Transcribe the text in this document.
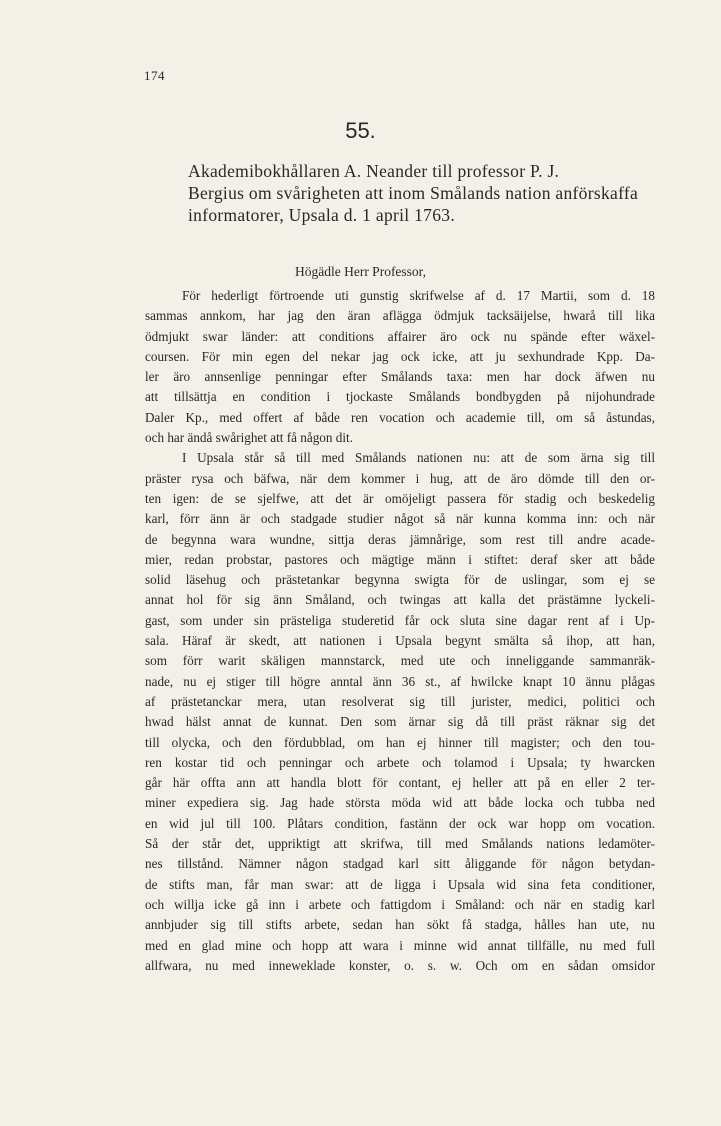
174
55.
Akademibokhållaren A. Neander till professor P. J.
Bergius om svårigheten att inom Smålands nation anförskaffa
informatorer, Upsala d. 1 april 1763.
Högädle Herr Professor,
För hederligt förtroende uti gunstig skrifwelse af d. 17 Martii, som d. 18
sammas annkom, har jag den äran aflägga ödmjuk tacksäijelse, hwarå till lika
ödmjukt swar länder: att conditions affairer äro ock nu spände efter wäxel-
coursen. För min egen del nekar jag ock icke, att ju sexhundrade Kpp. Da-
ler äro annsenlige penningar efter Smålands taxa: men har dock äfwen nu
att tillsättja en condition i tjockaste Smålands bondbygden på nijohundrade
Daler Kp., med offert af både ren vocation och academie till, om så åstundas,
och har ändå swårighet att få någon dit.
I Upsala står så till med Smålands nationen nu: att de som ärna sig till
präster rysa och bäfwa, när dem kommer i hug, att de äro dömde till den or-
ten igen: de se sjelfwe, att det är omöjeligt passera för stadig och beskedelig
karl, förr änn är och stadgade studier något så när kunna komma inn: och när
de begynna wara wundne, sittja deras jämnårige, som rest till andre acade-
mier, redan probstar, pastores och mägtige männ i stiftet: deraf sker att både
solid läsehug och prästetankar begynna swigta för de uslingar, som ej se
annat hol för sig änn Småland, och twingas att kalla det prästämne lyckeli-
gast, som under sin prästeliga studeretid får ock sluta sine dagar rent af i Up-
sala. Häraf är skedt, att nationen i Upsala begynt smälta så ihop, att han,
som förr warit skäligen mannstarck, med ute och inneliggande sammanräk-
nade, nu ej stiger till högre anntal änn 36 st., af hwilcke knapt 10 ännu plågas
af prästetanckar mera, utan resolverat sig till jurister, medici, politici och
hwad hälst annat de kunnat. Den som ärnar sig då till präst räknar sig det
till olycka, och den fördubblad, om han ej hinner till magister; och den tou-
ren kostar tid och penningar och arbete och tolamod i Upsala; ty hwarcken
går här offta ann att handla blott för contant, ej heller att på en eller 2 ter-
miner expediera sig. Jag hade största möda wid att både locka och tubba ned
en wid jul till 100. Plåtars condition, fastänn der ock war hopp om vocation.
Så der står det, uppriktigt att skrifwa, till med Smålands nations ledamöter-
nes tillstånd. Nämner någon stadgad karl sitt åliggande för någon betydan-
de stifts man, får man swar: att de ligga i Upsala wid sina feta conditioner,
och willja icke gå inn i arbete och fattigdom i Småland: och när en stadig karl
annbjuder sig till stifts arbete, sedan han sökt få stadga, hålles han ute, nu
med en glad mine och hopp att wara i minne wid annat tillfälle, nu med full
allfwara, nu med inneweklade konster, o. s. w. Och om en sådan omsidor
